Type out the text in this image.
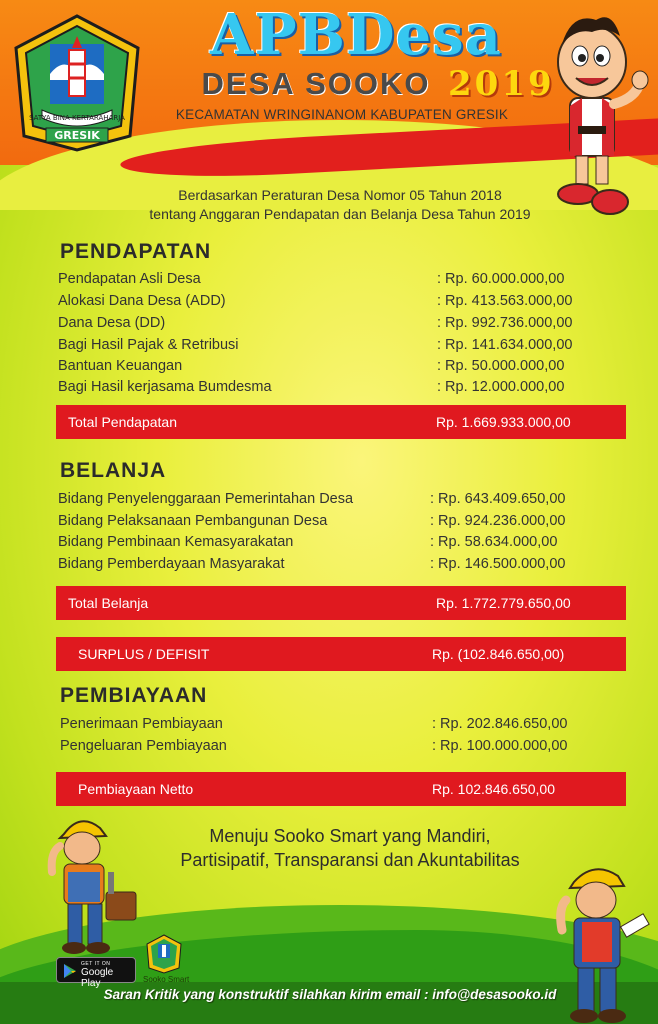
SATYA BINA KERTARAHARJA
GRESIK
APBDesa
DESA SOOKO 2019
KECAMATAN WRINGINANOM KABUPATEN GRESIK
Berdasarkan Peraturan Desa Nomor 05 Tahun 2018
tentang Anggaran Pendapatan dan Belanja Desa Tahun 2019
PENDAPATAN
Pendapatan Asli Desa	: Rp. 60.000.000,00
Alokasi Dana Desa (ADD)	: Rp. 413.563.000,00
Dana Desa (DD)	: Rp. 992.736.000,00
Bagi Hasil Pajak & Retribusi	: Rp. 141.634.000,00
Bantuan Keuangan	: Rp. 50.000.000,00
Bagi Hasil kerjasama Bumdesma	: Rp. 12.000.000,00
Total Pendapatan	Rp. 1.669.933.000,00
BELANJA
Bidang Penyelenggaraan Pemerintahan Desa	: Rp. 643.409.650,00
Bidang Pelaksanaan Pembangunan Desa	: Rp. 924.236.000,00
Bidang Pembinaan Kemasyarakatan	: Rp. 58.634.000,00
Bidang Pemberdayaan Masyarakat	: Rp. 146.500.000,00
Total Belanja	Rp. 1.772.779.650,00
SURPLUS / DEFISIT	Rp. (102.846.650,00)
PEMBIAYAAN
Penerimaan Pembiayaan	: Rp. 202.846.650,00
Pengeluaran Pembiayaan	: Rp. 100.000.000,00
Pembiayaan Netto	Rp. 102.846.650,00
Menuju Sooko Smart yang Mandiri,
Partisipatif, Transparansi dan Akuntabilitas
GET IT ON
Google Play	Sooko Smart
Saran Kritik yang konstruktif silahkan kirim email : info@desasooko.id
